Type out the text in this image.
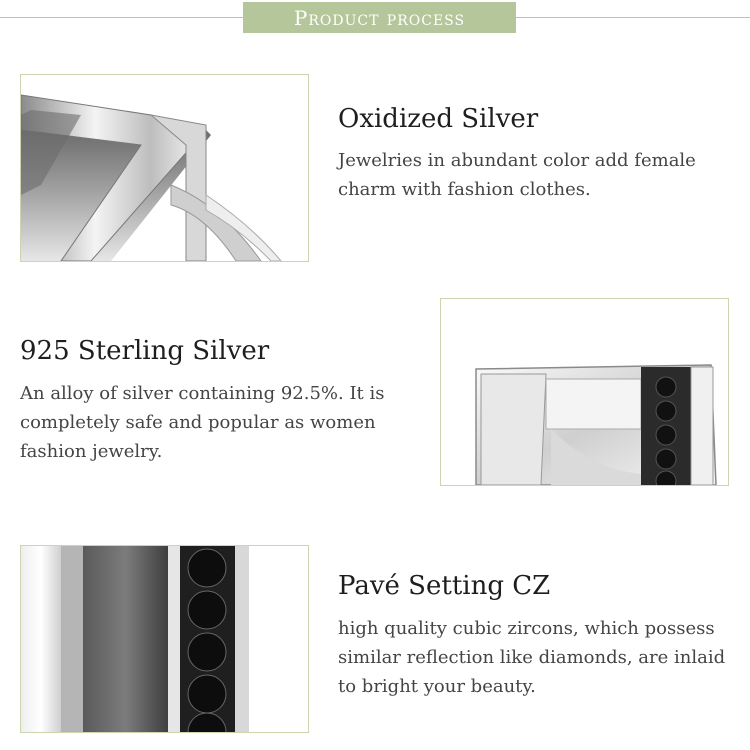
Product process
Oxidized Silver

Jewelries in abundant color add female charm with fashion clothes.

925 Sterling Silver

An alloy of silver containing 92.5%. It is completely safe and popular as women fashion jewelry.

Pavé Setting CZ

high quality cubic zircons, which possess similar reflection like diamonds, are inlaid to bright your beauty.
